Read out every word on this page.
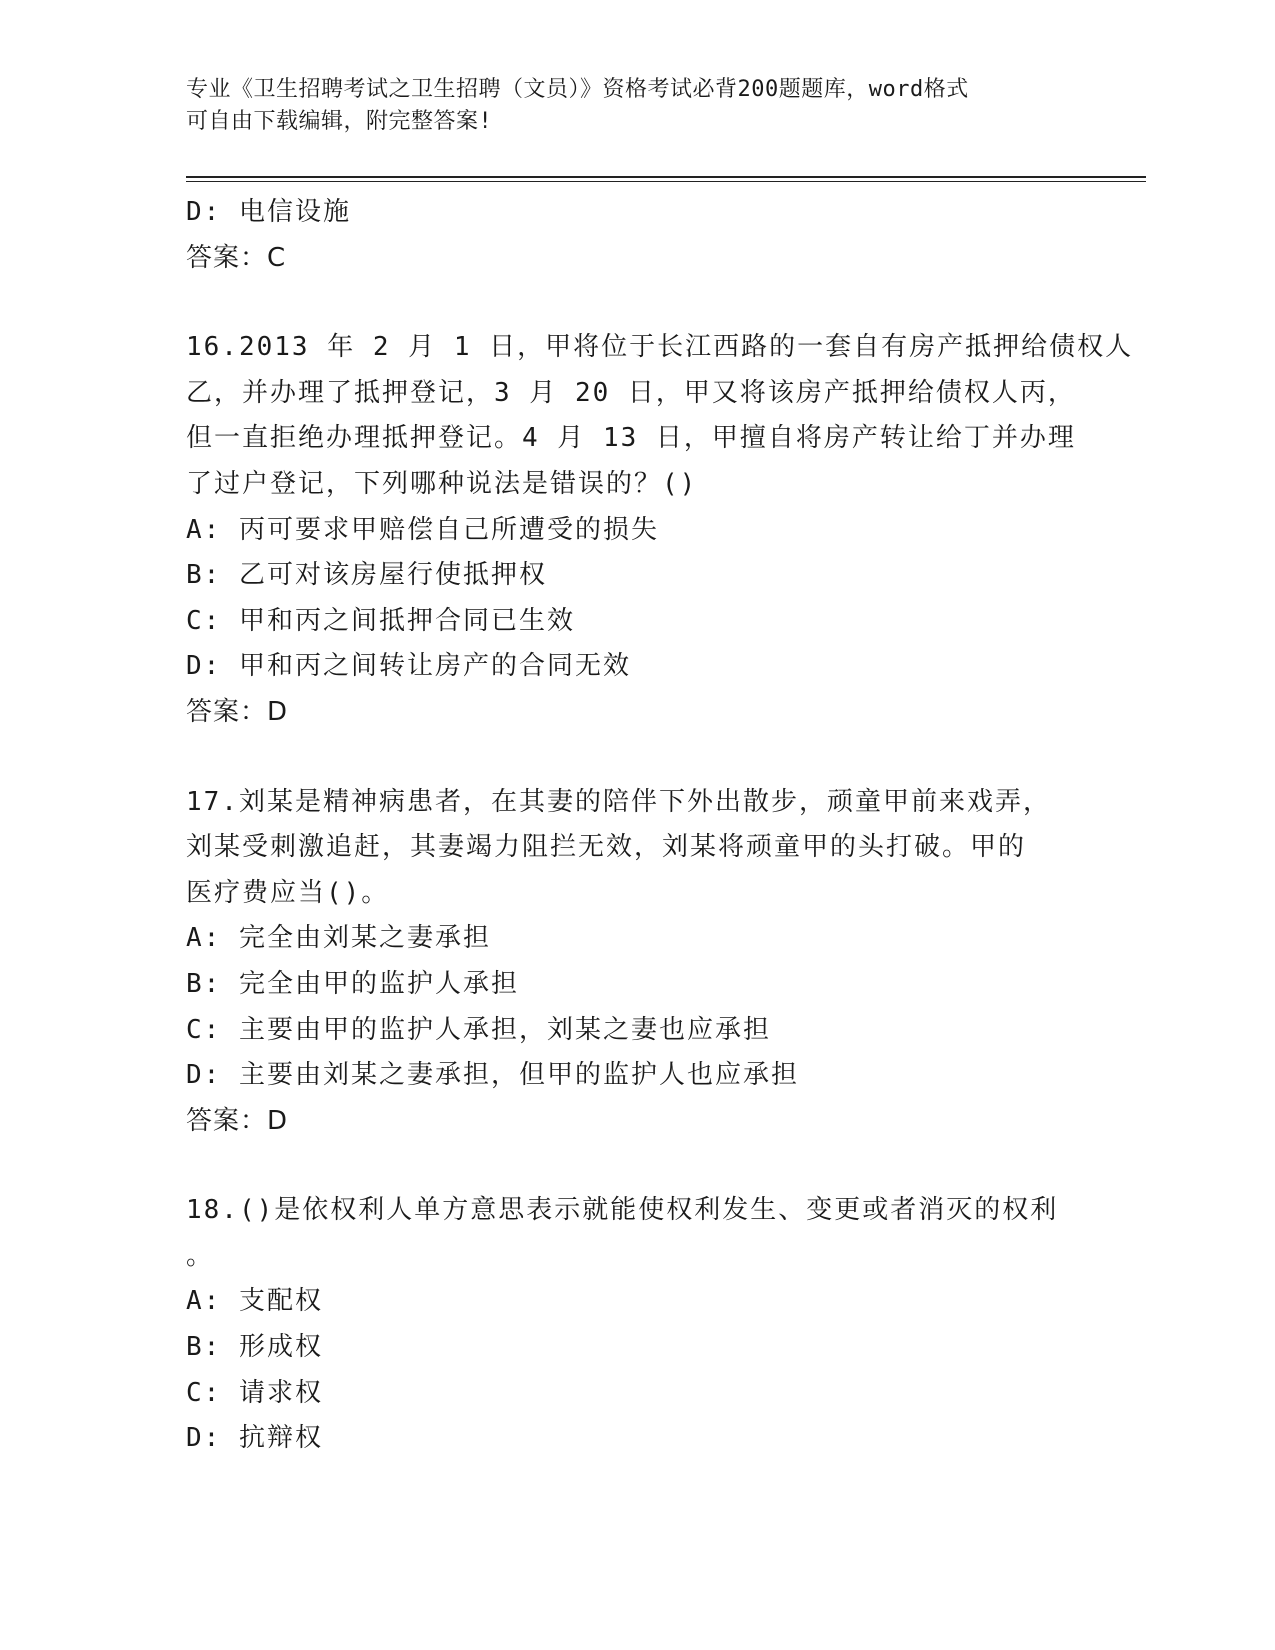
专业《卫生招聘考试之卫生招聘（文员）》资格考试必背200题题库，word格式
可自由下载编辑，附完整答案!
D: 电信设施
答案：C
16.2013 年 2 月 1 日，甲将位于长江西路的一套自有房产抵押给债权人
乙，并办理了抵押登记，3 月 20 日，甲又将该房产抵押给债权人丙，
但一直拒绝办理抵押登记。4 月 13 日，甲擅自将房产转让给丁并办理
了过户登记，下列哪种说法是错误的？()
A: 丙可要求甲赔偿自己所遭受的损失
B: 乙可对该房屋行使抵押权
C: 甲和丙之间抵押合同已生效
D: 甲和丙之间转让房产的合同无效
答案：D
17.刘某是精神病患者，在其妻的陪伴下外出散步，顽童甲前来戏弄，
刘某受刺激追赶，其妻竭力阻拦无效，刘某将顽童甲的头打破。甲的
医疗费应当()。
A: 完全由刘某之妻承担
B: 完全由甲的监护人承担
C: 主要由甲的监护人承担，刘某之妻也应承担
D: 主要由刘某之妻承担，但甲的监护人也应承担
答案：D
18.()是依权利人单方意思表示就能使权利发生、变更或者消灭的权利
。
A: 支配权
B: 形成权
C: 请求权
D: 抗辩权
